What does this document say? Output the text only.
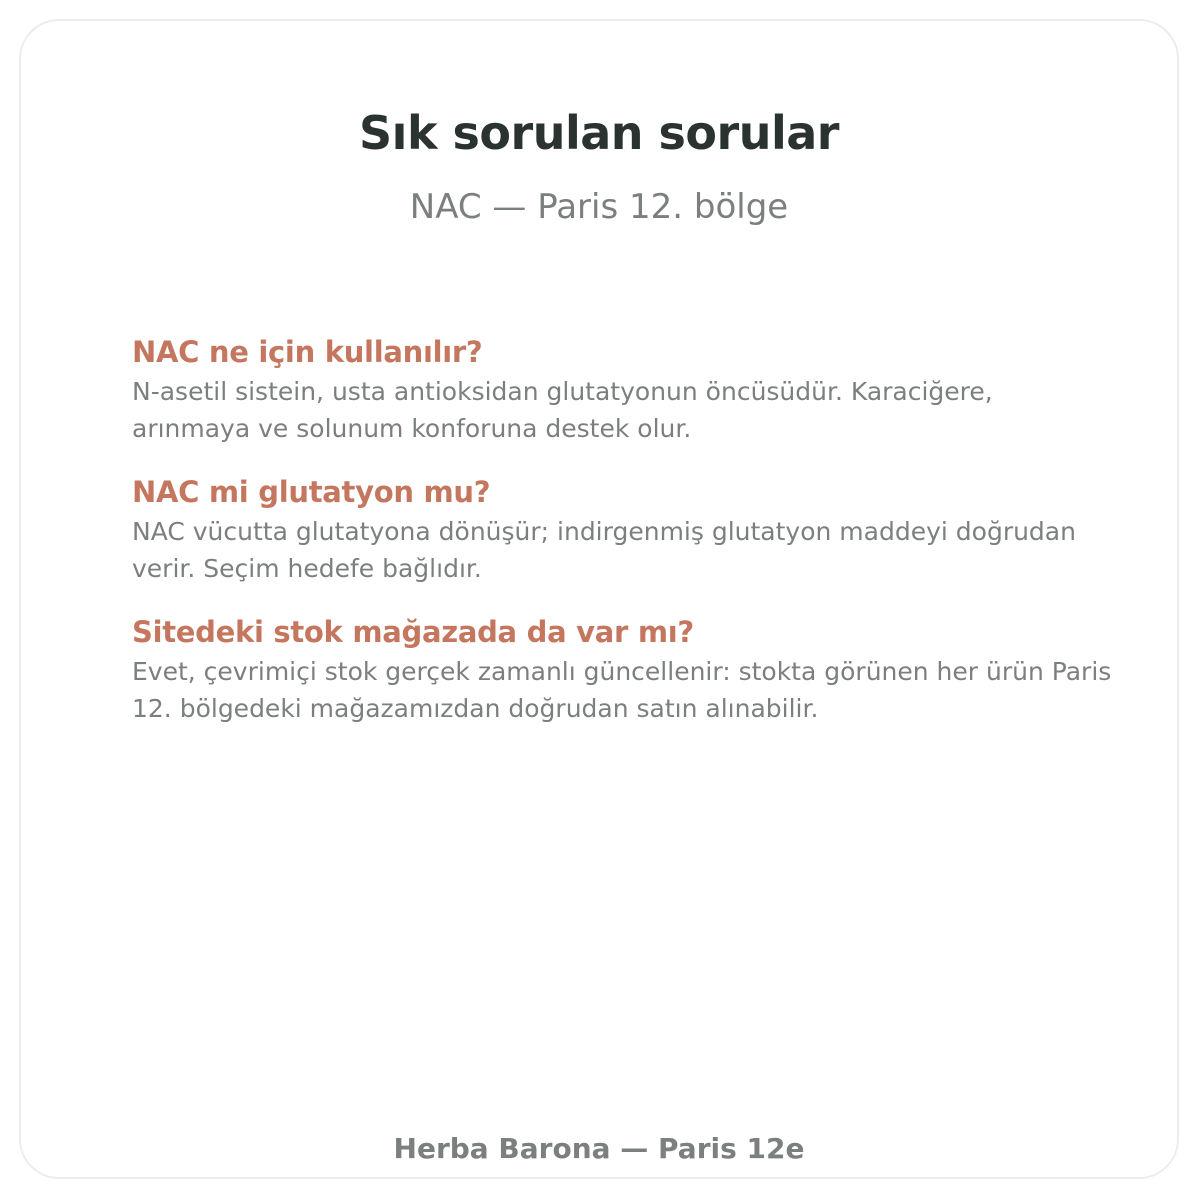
Sık sorulan sorular
NAC — Paris 12. bölge
NAC ne için kullanılır?

N-asetil sistein, usta antioksidan glutatyonun öncüsüdür. Karaciğere, arınmaya ve solunum konforuna destek olur.

NAC mi glutatyon mu?

NAC vücutta glutatyona dönüşür; indirgenmiş glutatyon maddeyi doğrudan verir. Seçim hedefe bağlıdır.

Sitedeki stok mağazada da var mı?

Evet, çevrimiçi stok gerçek zamanlı güncellenir: stokta görünen her ürün Paris 12. bölgedeki mağazamızdan doğrudan satın alınabilir.

Herba Barona — Paris 12e
